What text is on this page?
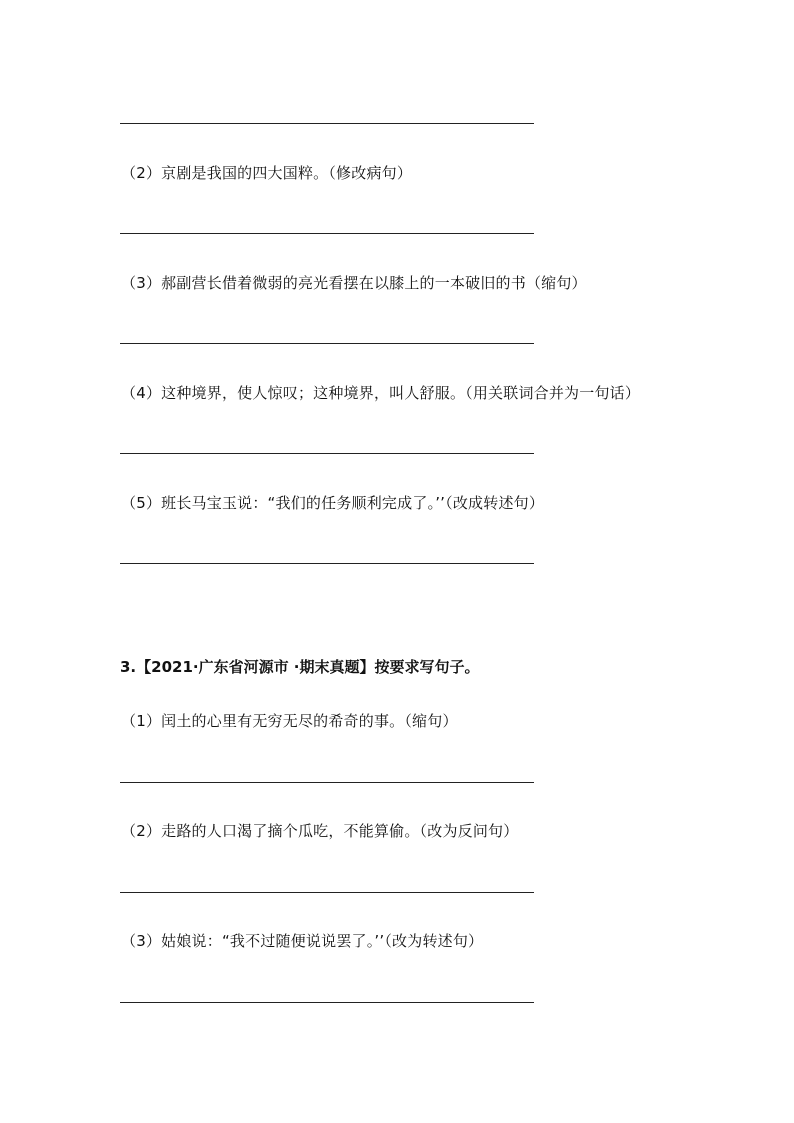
（2）京剧是我国的四大国粹。（修改病句）
（3）郝副营长借着微弱的亮光看摆在以膝上的一本破旧的书（缩句）
（4）这种境界，使人惊叹；这种境界，叫人舒服。（用关联词合并为一句话）
（5）班长马宝玉说：“我们的任务顺利完成了。’’（改成转述句）
3.【2021·广东省河源市 ·期末真题】按要求写句子。
（1）闰土的心里有无穷无尽的希奇的事。（缩句）
（2）走路的人口渴了摘个瓜吃，不能算偷。（改为反问句）
（3）姑娘说：“我不过随便说说罢了。’’（改为转述句）
